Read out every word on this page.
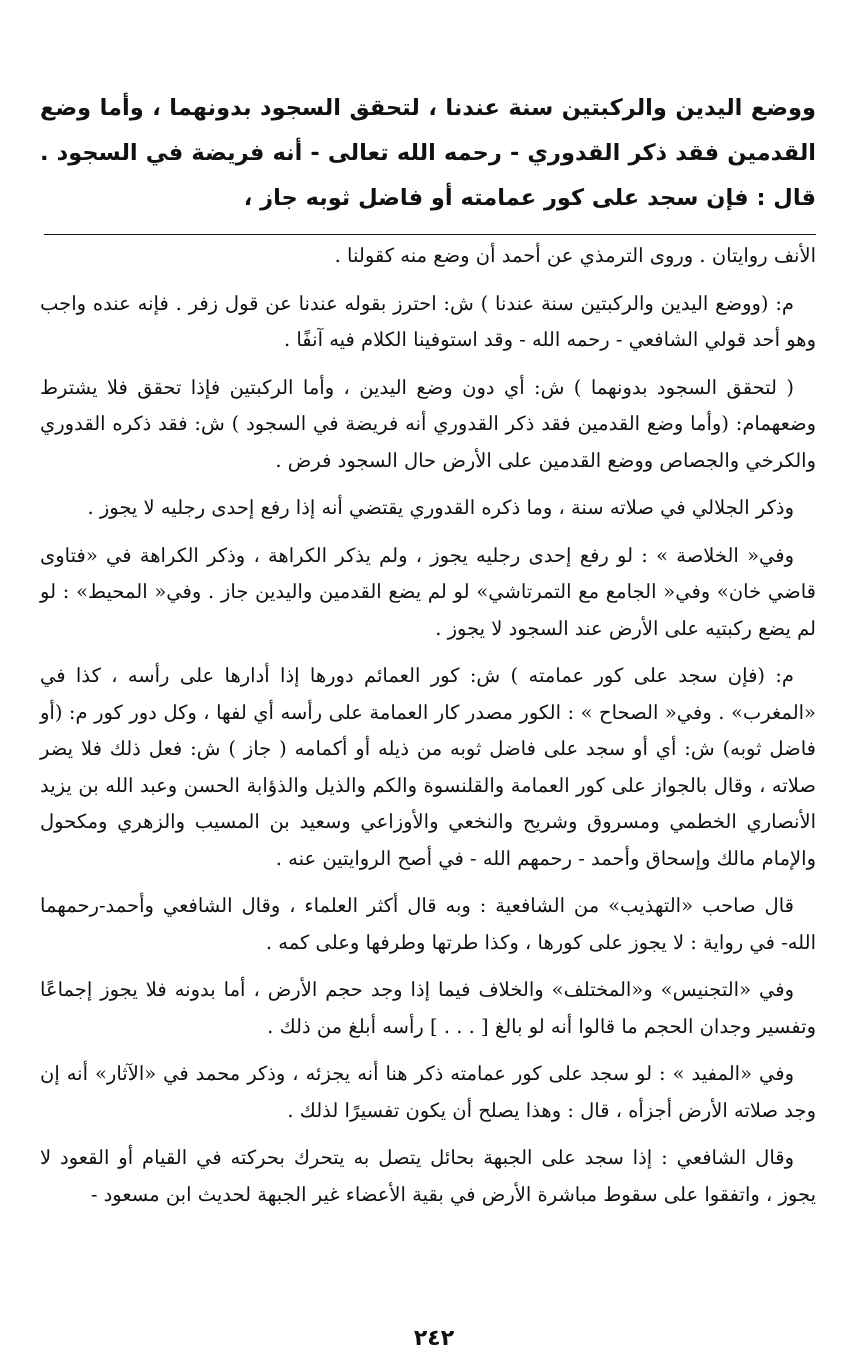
ووضع اليدين والركبتين سنة عندنا ، لتحقق السجود بدونهما ، وأما وضع القدمين فقد ذكر القدوري - رحمه الله تعالى - أنه فريضة في السجود . قال : فإن سجد على كور عمامته أو فاضل ثوبه جاز ،

الأنف روايتان . وروى الترمذي عن أحمد أن وضع منه كقولنا .

م: (ووضع اليدين والركبتين سنة عندنا ) ش: احترز بقوله عندنا عن قول زفر . فإنه عنده واجب وهو أحد قولي الشافعي - رحمه الله - وقد استوفينا الكلام فيه آنفًا .

( لتحقق السجود بدونهما ) ش: أي دون وضع اليدين ، وأما الركبتين فإذا تحقق فلا يشترط وضعهمام: (وأما وضع القدمين فقد ذكر القدوري أنه فريضة في السجود ) ش: فقد ذكره القدوري والكرخي والجصاص ووضع القدمين على الأرض حال السجود فرض .

وذكر الجلالي في صلاته سنة ، وما ذكره القدوري يقتضي أنه إذا رفع إحدى رجليه لا يجوز .

وفي« الخلاصة » : لو رفع إحدى رجليه يجوز ، ولم يذكر الكراهة ، وذكر الكراهة في «فتاوى قاضي خان» وفي« الجامع مع التمرتاشي» لو لم يضع القدمين واليدين جاز . وفي« المحيط» : لو لم يضع ركبتيه على الأرض عند السجود لا يجوز .

م: (فإن سجد على كور عمامته ) ش: كور العمائم دورها إذا أدارها على رأسه ، كذا في «المغرب» . وفي« الصحاح » : الكور مصدر كار العمامة على رأسه أي لفها ، وكل دور كور م: (أو فاضل ثوبه) ش: أي أو سجد على فاضل ثوبه من ذيله أو أكمامه ( جاز ) ش: فعل ذلك فلا يضر صلاته ، وقال بالجواز على كور العمامة والقلنسوة والكم والذيل والذؤابة الحسن وعبد الله بن يزيد الأنصاري الخطمي ومسروق وشريح والنخعي والأوزاعي وسعيد بن المسيب والزهري ومكحول والإمام مالك وإسحاق وأحمد - رحمهم الله - في أصح الروايتين عنه .

قال صاحب «التهذيب» من الشافعية : وبه قال أكثر العلماء ، وقال الشافعي وأحمد-رحمهما الله- في رواية : لا يجوز على كورها ، وكذا طرتها وطرفها وعلى كمه .

وفي «التجنيس» و«المختلف» والخلاف فيما إذا وجد حجم الأرض ، أما بدونه فلا يجوز إجماعًا وتفسير وجدان الحجم ما قالوا أنه لو بالغ [ . . . ] رأسه أبلغ من ذلك .

وفي «المفيد » : لو سجد على كور عمامته ذكر هنا أنه يجزئه ، وذكر محمد في «الآثار» أنه إن وجد صلاته الأرض أجزأه ، قال : وهذا يصلح أن يكون تفسيرًا لذلك .

وقال الشافعي : إذا سجد على الجبهة بحائل يتصل به يتحرك بحركته في القيام أو القعود لا يجوز ، واتفقوا على سقوط مباشرة الأرض في بقية الأعضاء غير الجبهة لحديث ابن مسعود -

٢٤٢
